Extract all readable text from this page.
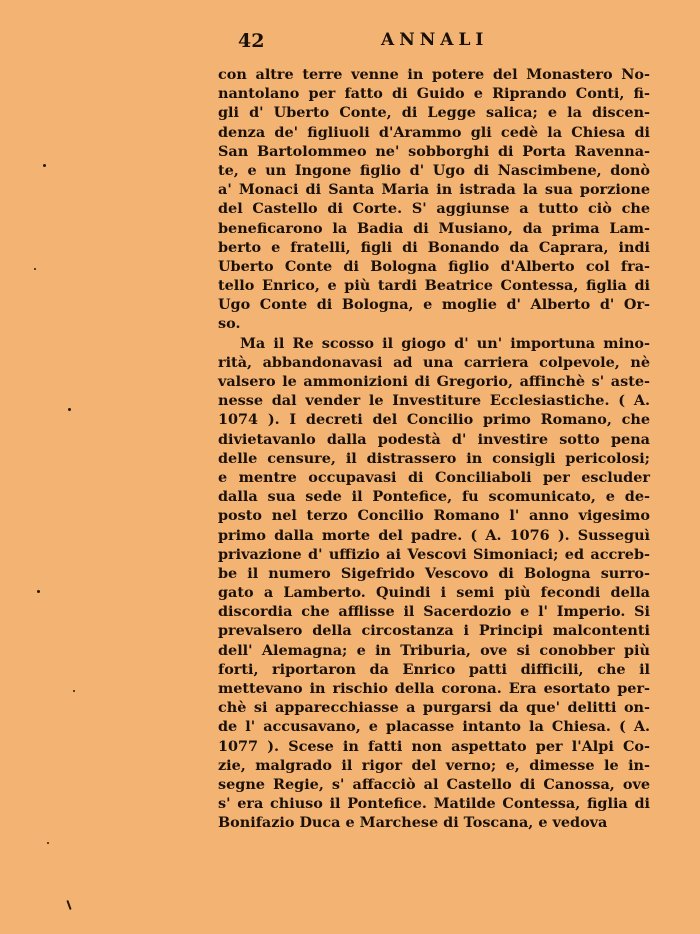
42	ANNALI
con altre terre venne in potere del Monastero No-
nantolano per fatto di Guido e Riprando Conti, fi-
gli d' Uberto Conte, di Legge salica; e la discen-
denza de' figliuoli d'Arammo gli cedè la Chiesa di
San Bartolommeo ne' sobborghi di Porta Ravenna-
te, e un Ingone figlio d' Ugo di Nascimbene, donò
a' Monaci di Santa Maria in istrada la sua porzione
del Castello di Corte. S' aggiunse a tutto ciò che
beneficarono la Badia di Musiano, da prima Lam-
berto e fratelli, figli di Bonando da Caprara, indi
Uberto Conte di Bologna figlio d'Alberto col fra-
tello Enrico, e più tardi Beatrice Contessa, figlia di
Ugo Conte di Bologna, e moglie d' Alberto d' Or-
so.
Ma il Re scosso il giogo d' un' importuna mino-
rità, abbandonavasi ad una carriera colpevole, nè
valsero le ammonizioni di Gregorio, affinchè s' aste-
nesse dal vender le Investiture Ecclesiastiche. ( A.
1074 ). I decreti del Concilio primo Romano, che
divietavanlo dalla podestà d' investire sotto pena
delle censure, il distrassero in consigli pericolosi;
e mentre occupavasi di Conciliaboli per escluder
dalla sua sede il Pontefice, fu scomunicato, e de-
posto nel terzo Concilio Romano l' anno vigesimo
primo dalla morte del padre. ( A. 1076 ). Susseguì
privazione d' uffizio ai Vescovi Simoniaci; ed accreb-
be il numero Sigefrido Vescovo di Bologna surro-
gato a Lamberto. Quindi i semi più fecondi della
discordia che afflisse il Sacerdozio e l' Imperio. Si
prevalsero della circostanza i Principi malcontenti
dell' Alemagna; e in Triburia, ove si conobber più
forti, riportaron da Enrico patti difficili, che il
mettevano in rischio della corona. Era esortato per-
chè si apparecchiasse a purgarsi da que' delitti on-
de l' accusavano, e placasse intanto la Chiesa. ( A.
1077 ). Scese in fatti non aspettato per l'Alpi Co-
zie, malgrado il rigor del verno; e, dimesse le in-
segne Regie, s' affacciò al Castello di Canossa, ove
s' era chiuso il Pontefice. Matilde Contessa, figlia di
Bonifazio Duca e Marchese di Toscana, e vedova
